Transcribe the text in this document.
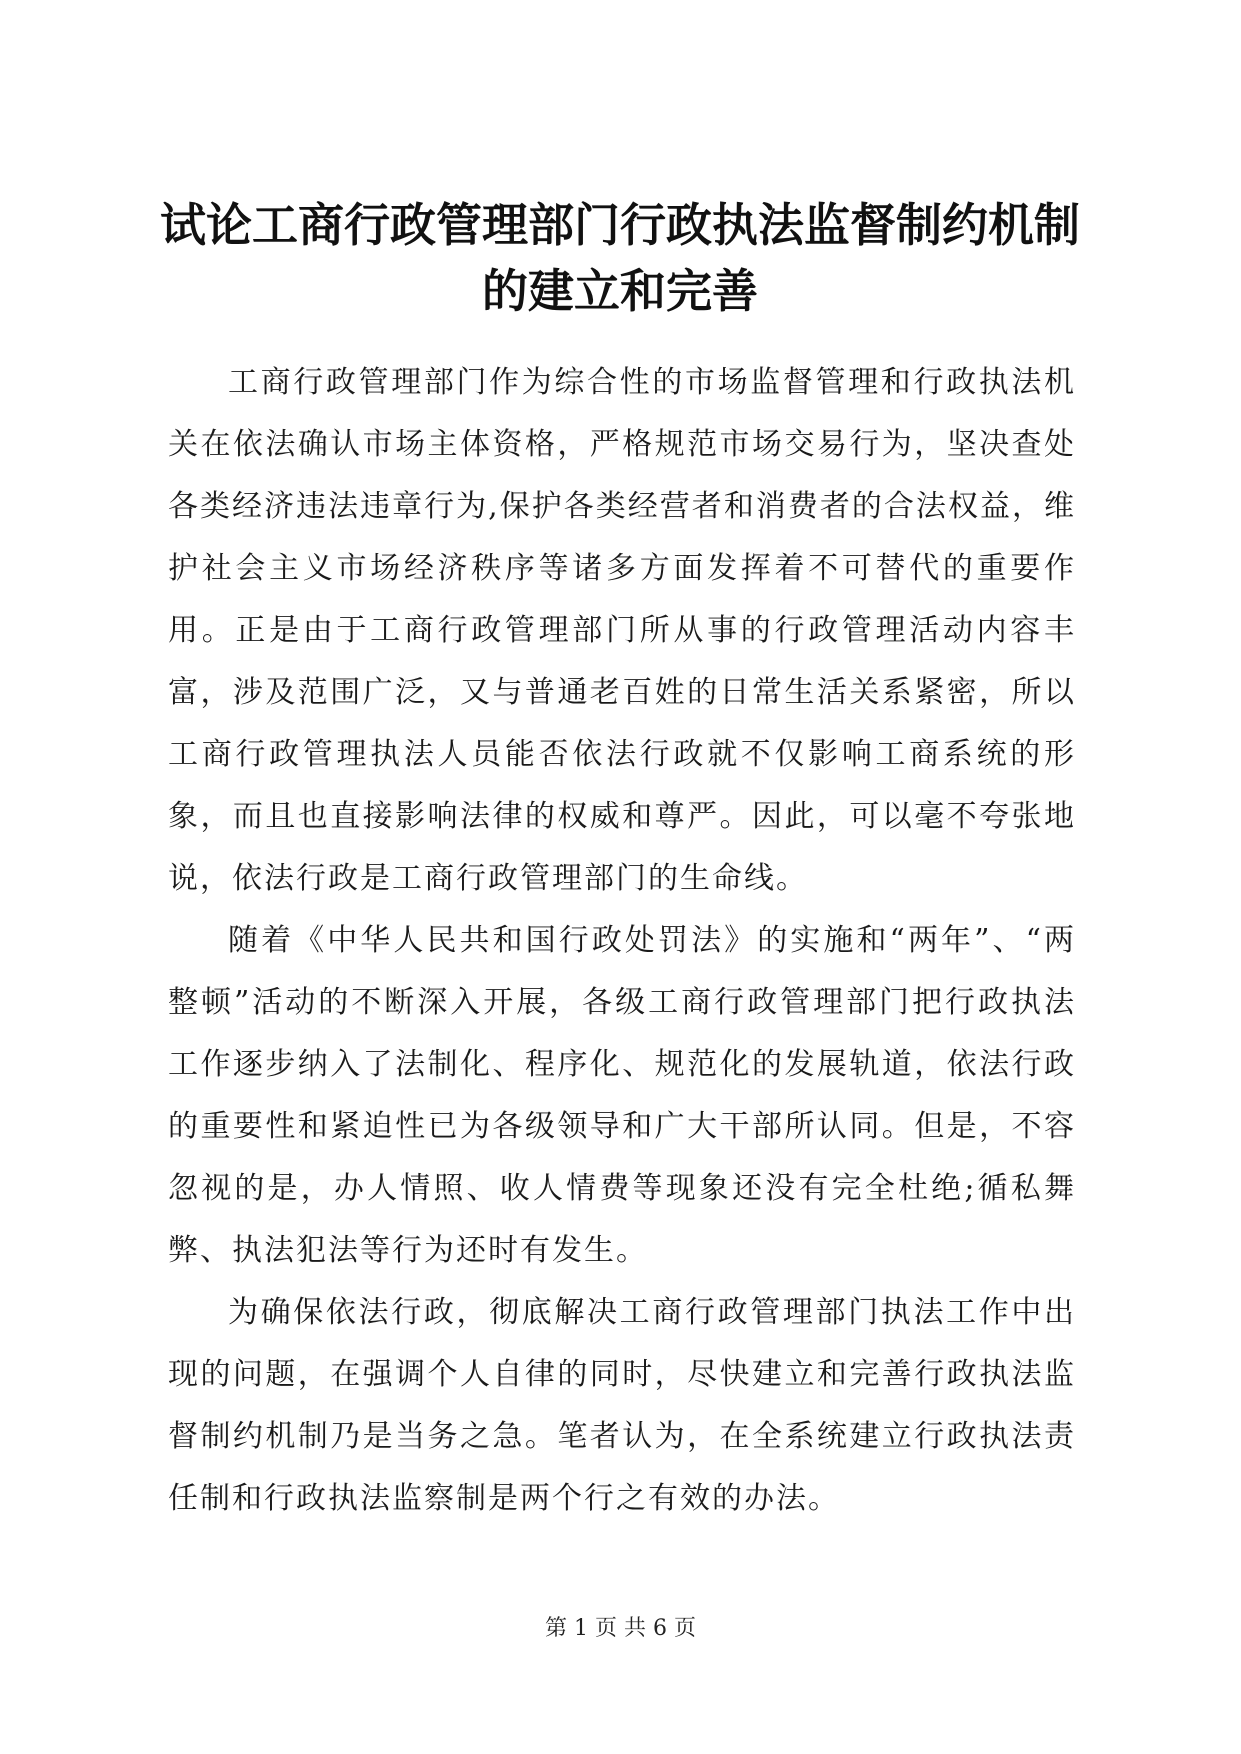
试论工商行政管理部门行政执法监督制约机制
的建立和完善

工商行政管理部门作为综合性的市场监督管理和行政执法机关在依法确认市场主体资格，严格规范市场交易行为，坚决查处各类经济违法违章行为,保护各类经营者和消费者的合法权益，维护社会主义市场经济秩序等诸多方面发挥着不可替代的重要作用。正是由于工商行政管理部门所从事的行政管理活动内容丰富，涉及范围广泛，又与普通老百姓的日常生活关系紧密，所以工商行政管理执法人员能否依法行政就不仅影响工商系统的形象，而且也直接影响法律的权威和尊严。因此，可以毫不夸张地说，依法行政是工商行政管理部门的生命线。

随着《中华人民共和国行政处罚法》的实施和“两年”、“两整顿”活动的不断深入开展，各级工商行政管理部门把行政执法工作逐步纳入了法制化、程序化、规范化的发展轨道，依法行政的重要性和紧迫性已为各级领导和广大干部所认同。但是，不容忽视的是，办人情照、收人情费等现象还没有完全杜绝;循私舞弊、执法犯法等行为还时有发生。

为确保依法行政，彻底解决工商行政管理部门执法工作中出现的问题，在强调个人自律的同时，尽快建立和完善行政执法监督制约机制乃是当务之急。笔者认为，在全系统建立行政执法责任制和行政执法监察制是两个行之有效的办法。

第 1 页 共 6 页
